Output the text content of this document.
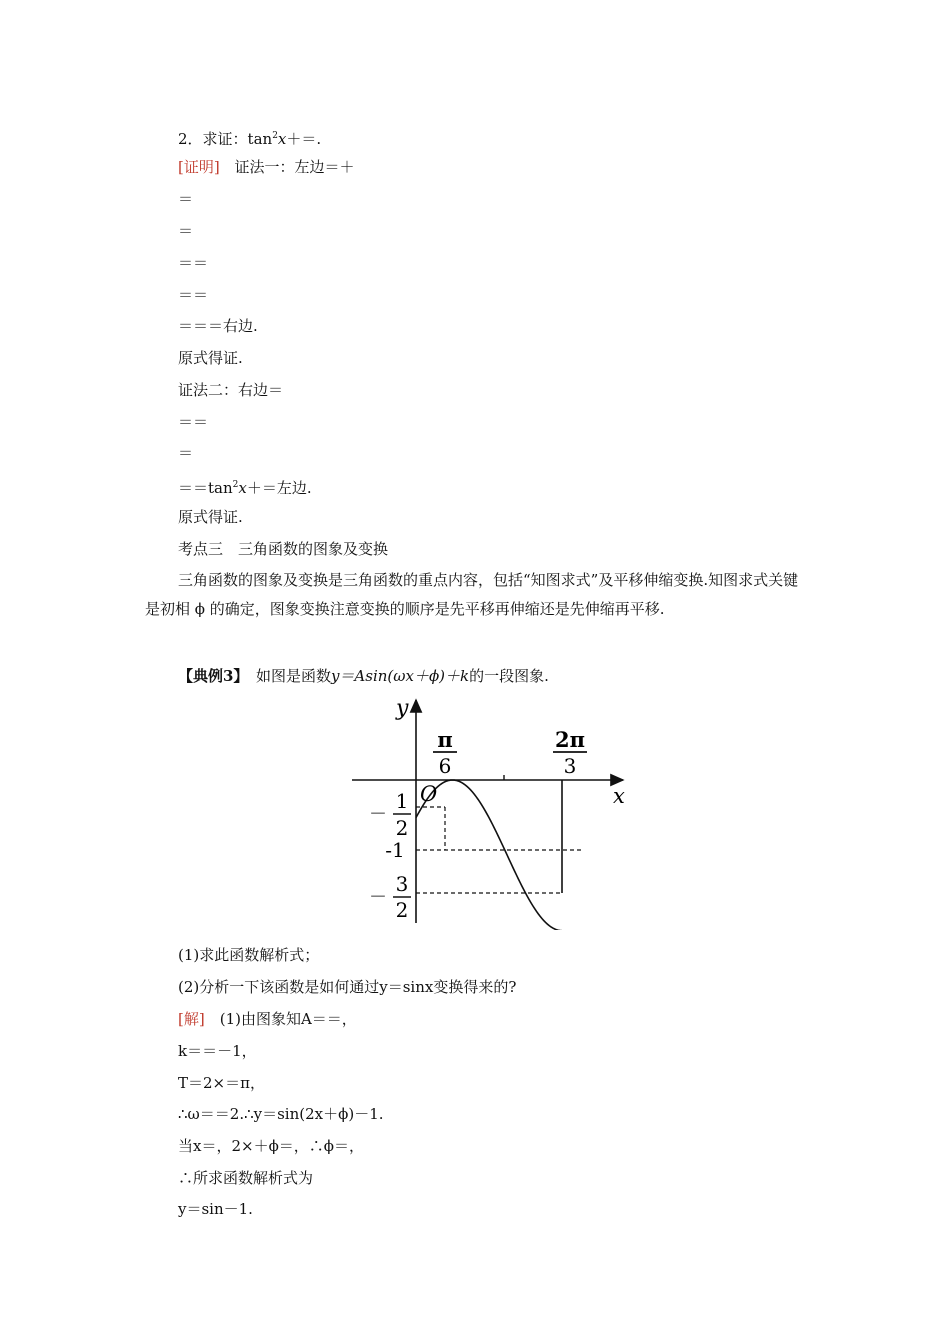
2．求证：$\tan^2x+=$.
[证明] 证法一：左边＝＋
＝
＝
＝＝
＝＝
＝＝＝右边.
原式得证.
证法二：右边＝
＝＝
＝
$==\tan^2x+=$左边.
原式得证.
考点三　三角函数的图象及变换
三角函数的图象及变换是三角函数的重点内容，包括“知图求式”及平移伸缩变换.知图求式关键是初相 ϕ 的确定，图象变换注意变换的顺序是先平移再伸缩还是先伸缩再平移.
【典例3】　如图是函数y＝Asin(ωx＋ϕ)＋k的一段图象.
y
x
O
π
6
2π
3
－
1
2
-1
－
3
2
(1)求此函数解析式；
(2)分析一下该函数是如何通过y＝sinx变换得来的?
[解]　(1)由图象知A＝＝，
k＝＝－1，
T＝2×＝π，
∴ω＝＝2.∴y＝sin(2x＋ϕ)－1.
当x＝，2×＋ϕ＝，∴ϕ＝，
∴所求函数解析式为
y＝sin－1.
